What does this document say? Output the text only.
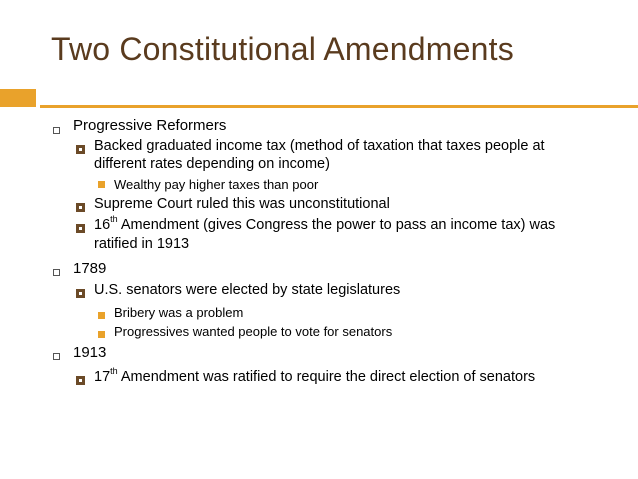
Two Constitutional Amendments
Progressive Reformers
Backed graduated income tax (method of taxation that taxes people at
different rates depending on income)
Wealthy pay higher taxes than poor
Supreme Court ruled this was unconstitutional
16th Amendment (gives Congress the power to pass an income tax) was
ratified in 1913
1789
U.S. senators were elected by state legislatures
Bribery was a problem
Progressives wanted people to vote for senators
1913
17th Amendment was ratified to require the direct election of senators
